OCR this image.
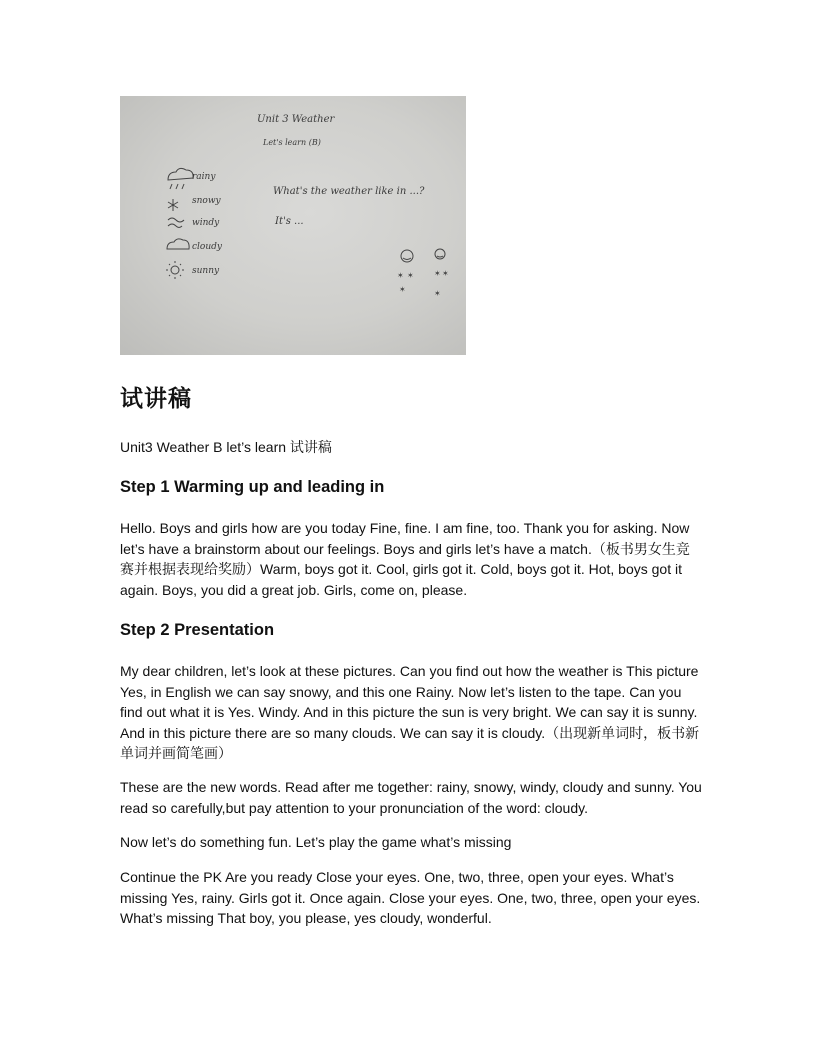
✶ ✶
✶
✶ ✶
✶
Unit 3 Weather
Let's learn (B)
rainy
snowy
windy
cloudy
sunny
What's the weather like in ...?
It's ...
试讲稿
Unit3 Weather B let’s learn 试讲稿
Step 1 Warming up and leading in
Hello. Boys and girls how are you today Fine, fine. I am fine, too. Thank you for asking. Now let’s have a brainstorm about our feelings. Boys and girls let’s have a match.（板书男女生竞赛并根据表现给奖励）Warm, boys got it. Cool, girls got it. Cold, boys got it. Hot, boys got it again. Boys, you did a great job. Girls, come on, please.
Step 2 Presentation
My dear children, let’s look at these pictures. Can you find out how the weather is This picture Yes, in English we can say snowy, and this one Rainy. Now let’s listen to the tape. Can you find out what it is Yes. Windy. And in this picture the sun is very bright. We can say it is sunny. And in this picture there are so many clouds. We can say it is cloudy.（出现新单词时，板书新单词并画简笔画）
These are the new words. Read after me together: rainy, snowy, windy, cloudy and sunny. You read so carefully,but pay attention to your pronunciation of the word: cloudy.
Now let’s do something fun. Let’s play the game what’s missing
Continue the PK Are you ready Close your eyes. One, two, three, open your eyes. What’s missing Yes, rainy. Girls got it. Once again. Close your eyes. One, two, three, open your eyes. What’s missing That boy, you please, yes cloudy, wonderful.
